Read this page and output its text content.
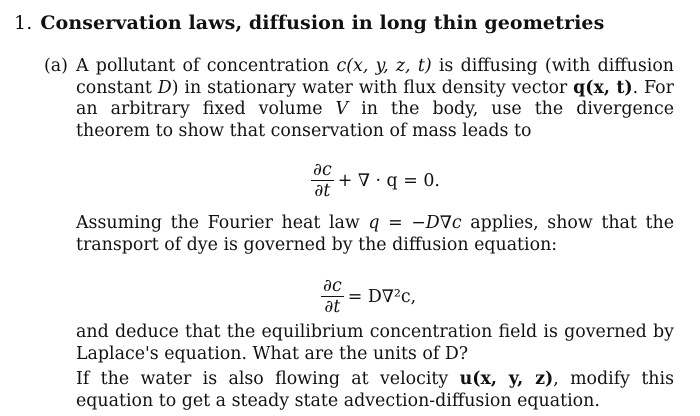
1. Conservation laws, diffusion in long thin geometries
(a) A pollutant of concentration c(x, y, z, t) is diffusing (with diffusion constant D) in stationary water with flux density vector q(x, t). For an arbitrary fixed volume V in the body, use the divergence theorem to show that conservation of mass leads to

Assuming the Fourier heat law q = −D∇c applies, show that the transport of dye is governed by the diffusion equation:

and deduce that the equilibrium concentration field is governed by Laplace's equation. What are the units of D?

If the water is also flowing at velocity u(x, y, z), modify this equation to get a steady state advection-diffusion equation.

$\frac{\partial c}{\partial t}$ + ∇ · q = 0.
$\frac{\partial c}{\partial t} = D\nabla^2c$,
